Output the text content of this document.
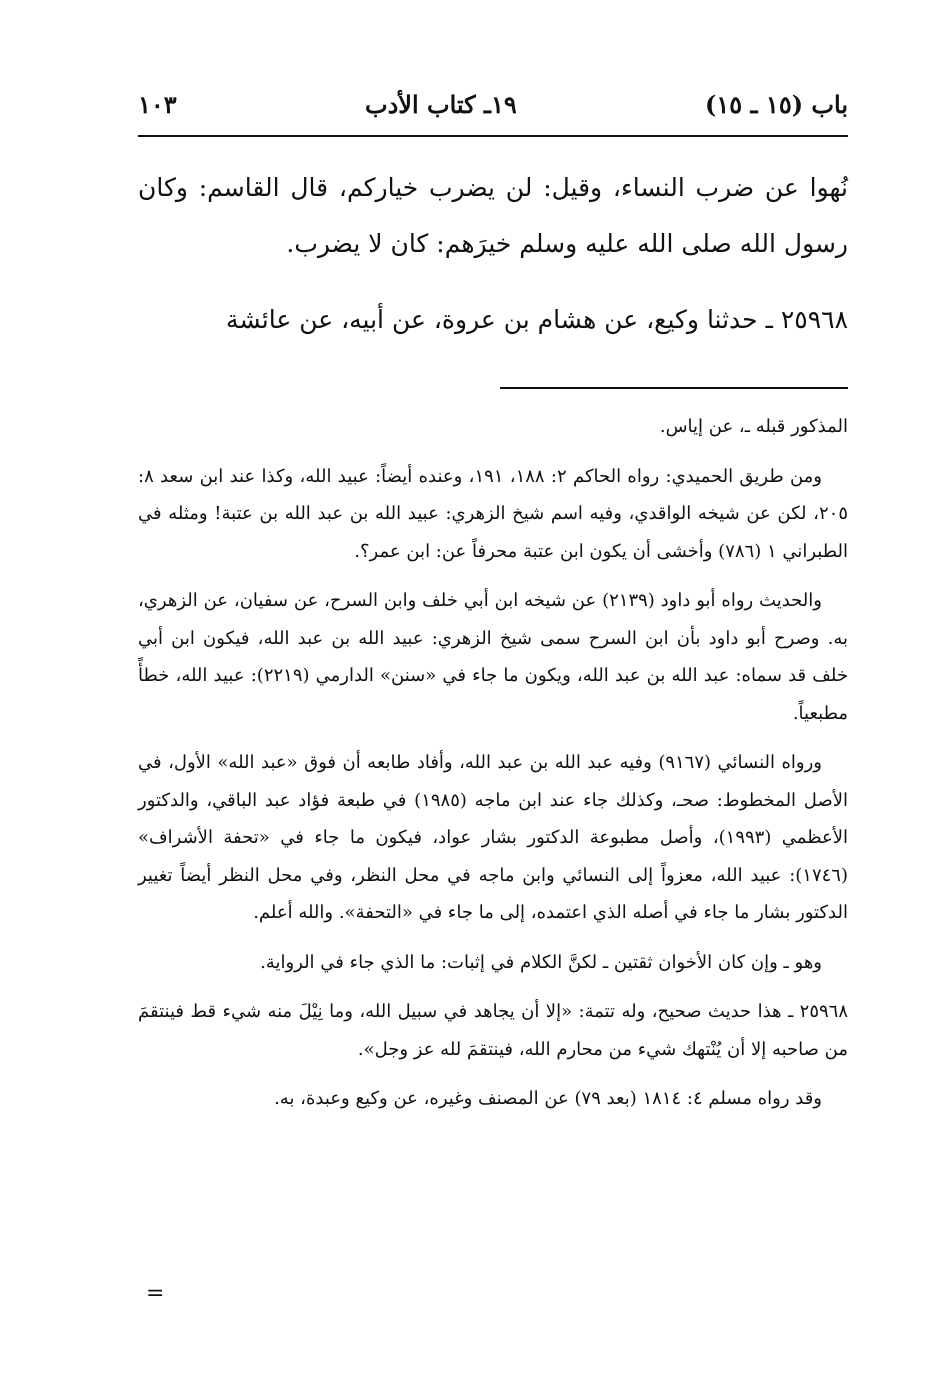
باب (١٥ ـ ١٥)
١٩ـ كتاب الأدب
١٠٣

نُهوا عن ضرب النساء، وقيل: لن يضرب خياركم، قال القاسم: وكان رسول الله صلى الله عليه وسلم خيرَهم: كان لا يضرب.

٢٥٩٦٨ ـ حدثنا وكيع، عن هشام بن عروة، عن أبيه، عن عائشة

المذكور قبله ـ، عن إياس.

ومن طريق الحميدي: رواه الحاكم ٢: ١٨٨، ١٩١، وعنده أيضاً: عبيد الله، وكذا عند ابن سعد ٨: ٢٠٥، لكن عن شيخه الواقدي، وفيه اسم شيخ الزهري: عبيد الله بن عبد الله بن عتبة! ومثله في الطبراني ١ (٧٨٦) وأخشى أن يكون ابن عتبة محرفاً عن: ابن عمر؟.

والحديث رواه أبو داود (٢١٣٩) عن شيخه ابن أبي خلف وابن السرح، عن سفيان، عن الزهري، به. وصرح أبو داود بأن ابن السرح سمى شيخ الزهري: عبيد الله بن عبد الله، فيكون ابن أبي خلف قد سماه: عبد الله بن عبد الله، ويكون ما جاء في «سنن» الدارمي (٢٢١٩): عبيد الله، خطأً مطبعياً.

ورواه النسائي (٩١٦٧) وفيه عبد الله بن عبد الله، وأفاد طابعه أن فوق «عبد الله» الأول، في الأصل المخطوط: صحـ، وكذلك جاء عند ابن ماجه (١٩٨٥) في طبعة فؤاد عبد الباقي، والدكتور الأعظمي (١٩٩٣)، وأصل مطبوعة الدكتور بشار عواد، فيكون ما جاء في «تحفة الأشراف» (١٧٤٦): عبيد الله، معزواً إلى النسائي وابن ماجه في محل النظر، وفي محل النظر أيضاً تغيير الدكتور بشار ما جاء في أصله الذي اعتمده، إلى ما جاء في «التحفة». والله أعلم.

وهو ـ وإن كان الأخوان ثقتين ـ لكنَّ الكلام في إثبات: ما الذي جاء في الرواية.

٢٥٩٦٨ ـ هذا حديث صحيح، وله تتمة: «إلا أن يجاهد في سبيل الله، وما نِيْلَ منه شيء قط فينتقمَ من صاحبه إلا أن يُنْتهك شيء من محارم الله، فينتقمَ لله عز وجل».

وقد رواه مسلم ٤: ١٨١٤ (بعد ٧٩) عن المصنف وغيره، عن وكيع وعبدة، به.

=
